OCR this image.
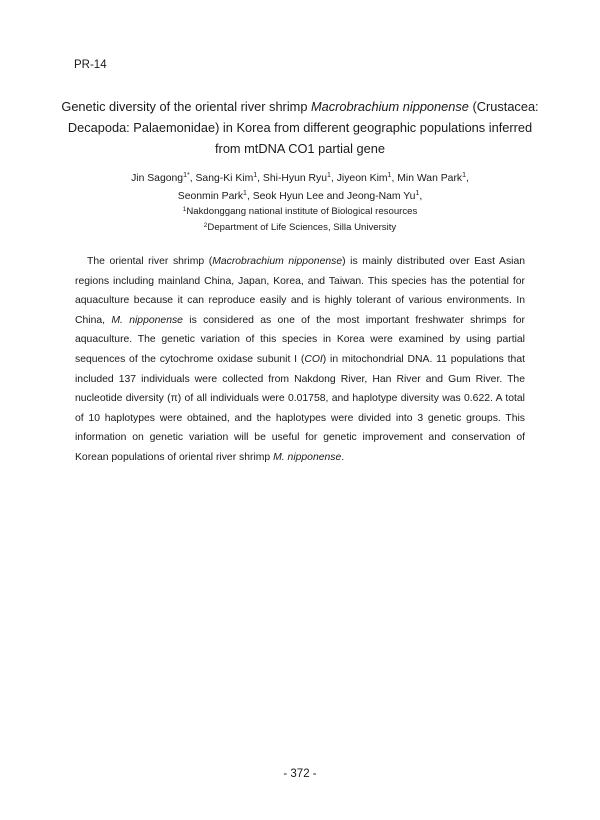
PR-14
Genetic diversity of the oriental river shrimp Macrobrachium nipponense (Crustacea:
Decapoda: Palaemonidae) in Korea from different geographic populations inferred
from mtDNA CO1 partial gene
Jin Sagong$^{1*}$, Sang-Ki Kim$^1$, Shi-Hyun Ryu$^1$, Jiyeon Kim$^1$, Min Wan Park$^1$,
Seonmin Park$^1$, Seok Hyun Lee and Jeong-Nam Yu$^1$,
$^1$Nakdonggang national institute of Biological resources
$^2$Department of Life Sciences, Silla University

The oriental river shrimp (Macrobrachium nipponense) is mainly distributed over East Asian regions including mainland China, Japan, Korea, and Taiwan. This species has the potential for aquaculture because it can reproduce easily and is highly tolerant of various environments. In China, M. nipponense is considered as one of the most important freshwater shrimps for aquaculture. The genetic variation of this species in Korea were examined by using partial sequences of the cytochrome oxidase subunit I (COI) in mitochondrial DNA. 11 populations that included 137 individuals were collected from Nakdong River, Han River and Gum River. The nucleotide diversity (π) of all individuals were 0.01758, and haplotype diversity was 0.622. A total of 10 haplotypes were obtained, and the haplotypes were divided into 3 genetic groups. This information on genetic variation will be useful for genetic improvement and conservation of Korean populations of oriental river shrimp M. nipponense.

- 372 -
